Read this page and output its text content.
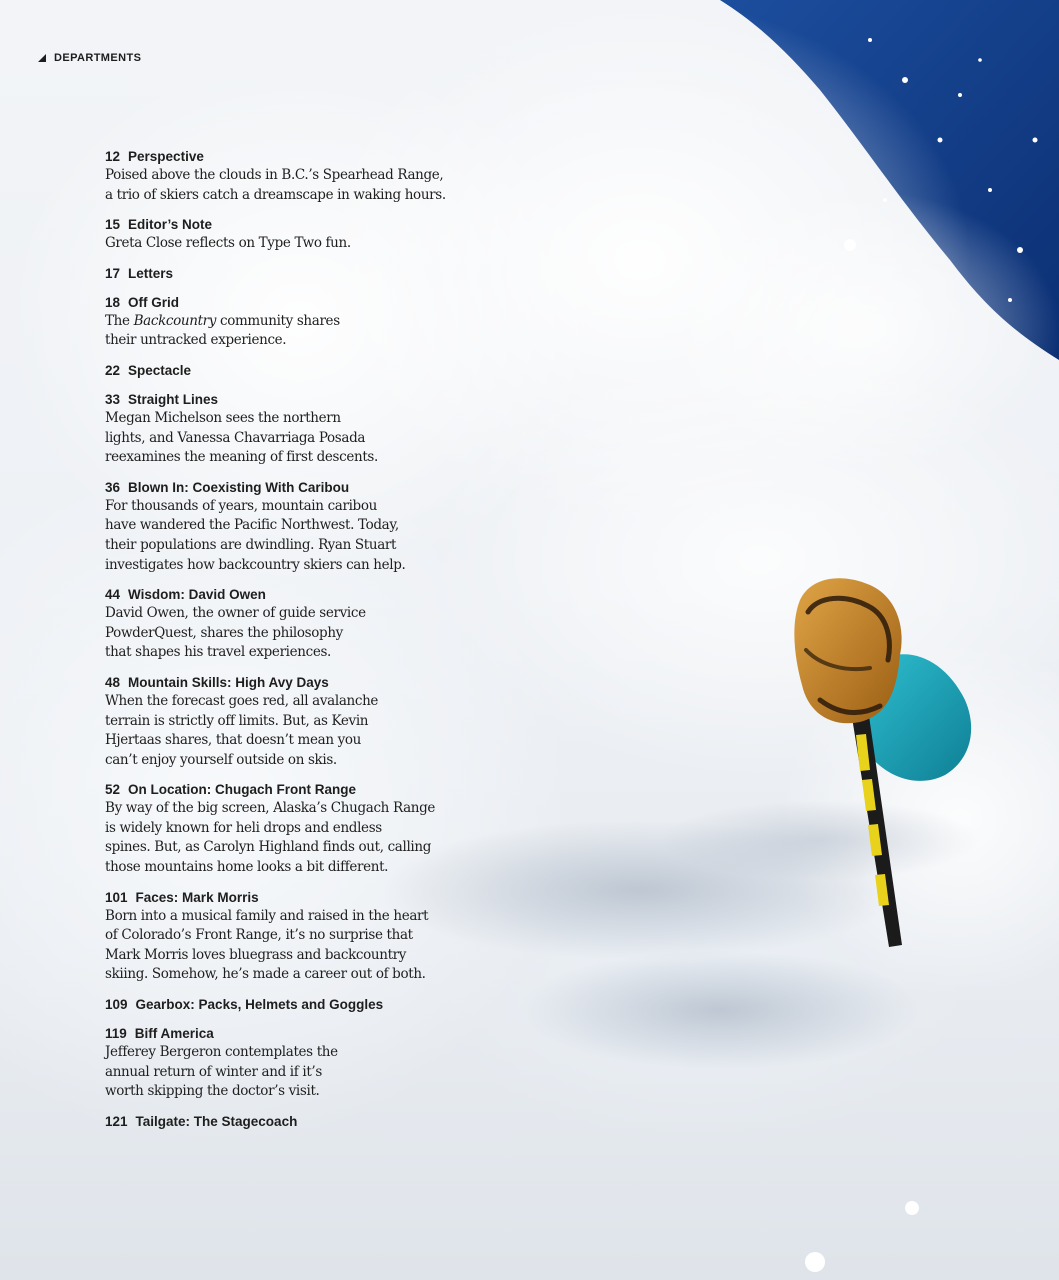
DEPARTMENTS
12 Perspective
Poised above the clouds in B.C.’s Spearhead Range,
a trio of skiers catch a dreamscape in waking hours.
15 Editor’s Note
Greta Close reflects on Type Two fun.
17 Letters
18 Off Grid
The Backcountry community shares
their untracked experience.
22 Spectacle
33 Straight Lines
Megan Michelson sees the northern
lights, and Vanessa Chavarriaga Posada
reexamines the meaning of first descents.
36 Blown In: Coexisting With Caribou
For thousands of years, mountain caribou
have wandered the Pacific Northwest. Today,
their populations are dwindling. Ryan Stuart
investigates how backcountry skiers can help.
44 Wisdom: David Owen
David Owen, the owner of guide service
PowderQuest, shares the philosophy
that shapes his travel experiences.
48 Mountain Skills: High Avy Days
When the forecast goes red, all avalanche
terrain is strictly off limits. But, as Kevin
Hjertaas shares, that doesn’t mean you
can’t enjoy yourself outside on skis.
52 On Location: Chugach Front Range
By way of the big screen, Alaska’s Chugach Range
is widely known for heli drops and endless
spines. But, as Carolyn Highland finds out, calling
those mountains home looks a bit different.
101 Faces: Mark Morris
Born into a musical family and raised in the heart
of Colorado’s Front Range, it’s no surprise that
Mark Morris loves bluegrass and backcountry
skiing. Somehow, he’s made a career out of both.
109 Gearbox: Packs, Helmets and Goggles
119 Biff America
Jefferey Bergeron contemplates the
annual return of winter and if it’s
worth skipping the doctor’s visit.
121 Tailgate: The Stagecoach
